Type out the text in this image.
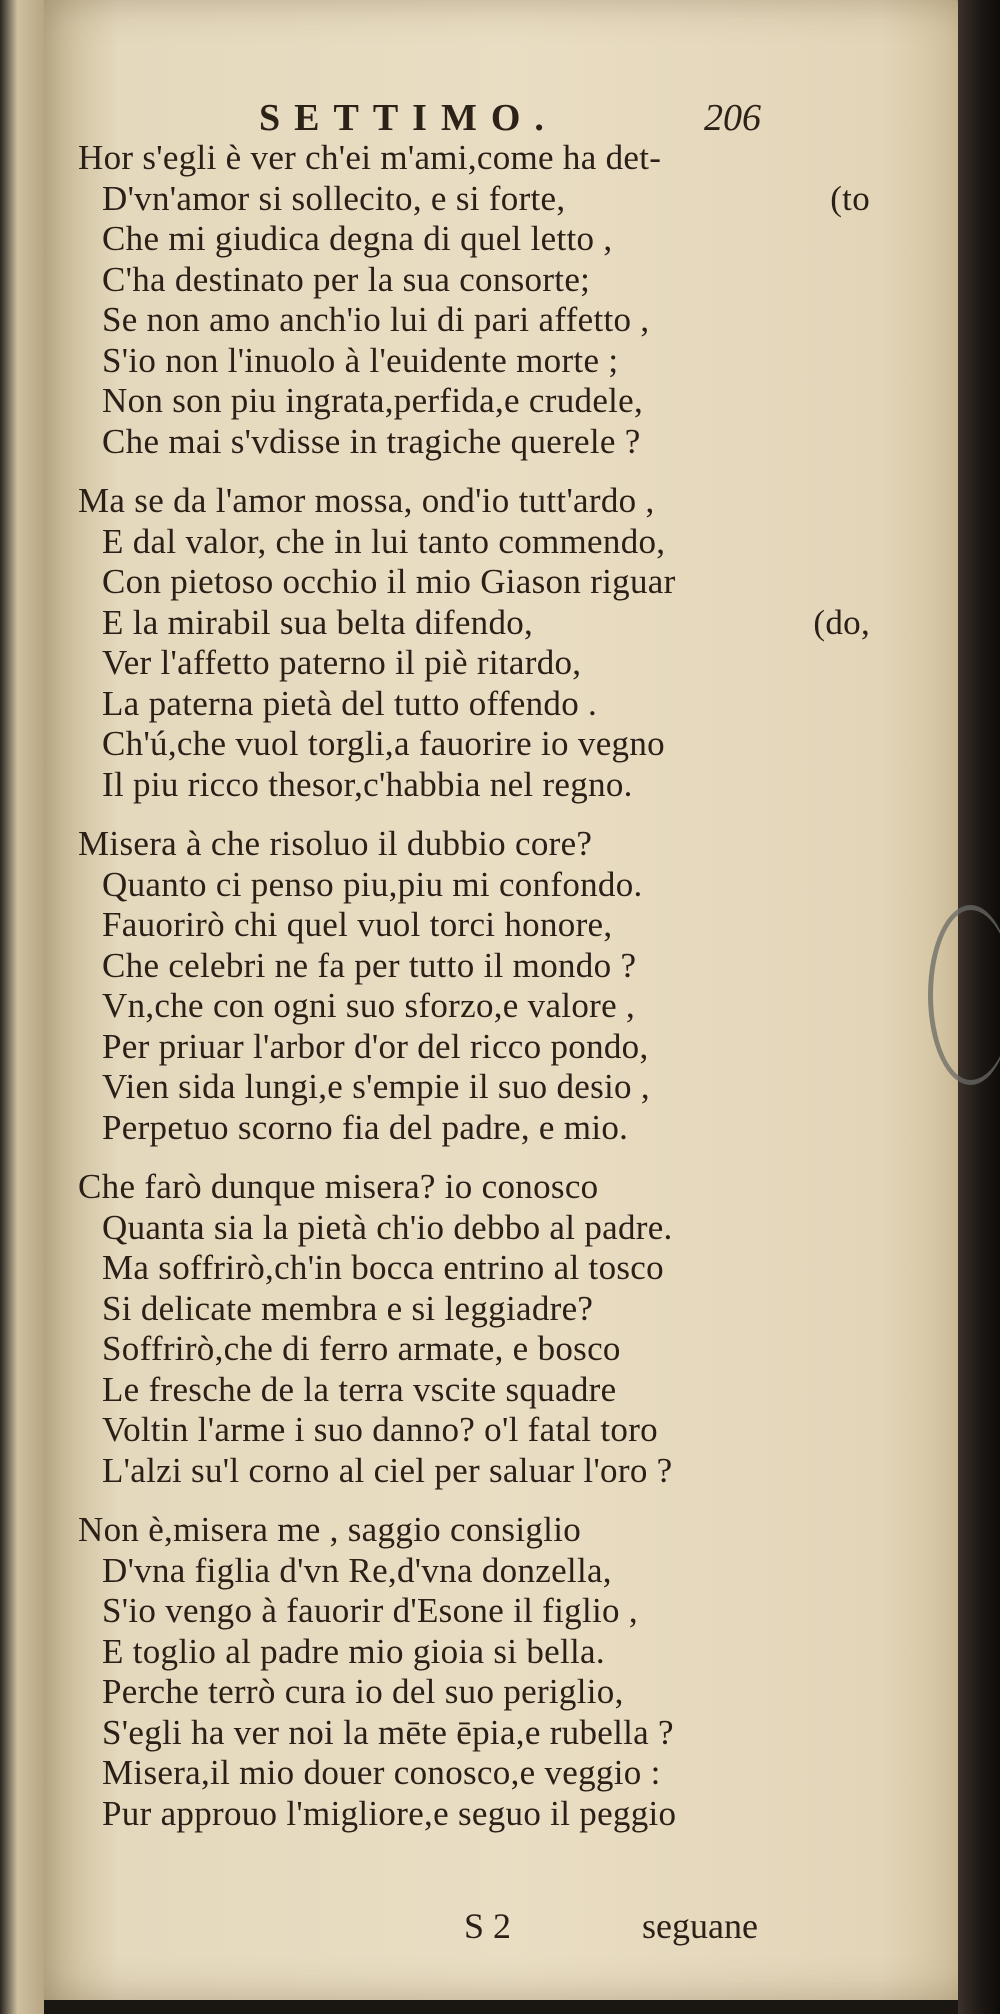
SETTIMO.	206
Hor s'egli è ver ch'ei m'ami,come ha det-
D'vn'amor si sollecito, e si forte,	(to
Che mi giudica degna di quel letto ,
C'ha destinato per la sua consorte;
Se non amo anch'io lui di pari affetto ,
S'io non l'inuolo à l'euidente morte ;
Non son piu ingrata,perfida,e crudele,
Che mai s'vdisse in tragiche querele ?
Ma se da l'amor mossa, ond'io tutt'ardo ,
E dal valor, che in lui tanto commendo,
Con pietoso occhio il mio Giason riguar
E la mirabil sua belta difendo,	(do,
Ver l'affetto paterno il piè ritardo,
La paterna pietà del tutto offendo .
Ch'ú,che vuol torgli,a fauorire io vegno
Il piu ricco thesor,c'habbia nel regno.
Misera à che risoluo il dubbio core?
Quanto ci penso piu,piu mi confondo.
Fauorirò chi quel vuol torci honore,
Che celebri ne fa per tutto il mondo ?
Vn,che con ogni suo sforzo,e valore ,
Per priuar l'arbor d'or del ricco pondo,
Vien sida lungi,e s'empie il suo desio ,
Perpetuo scorno fia del padre, e mio.
Che farò dunque misera? io conosco
Quanta sia la pietà ch'io debbo al padre.
Ma soffrirò,ch'in bocca entrino al tosco
Si delicate membra e si leggiadre?
Soffrirò,che di ferro armate, e bosco
Le fresche de la terra vscite squadre
Voltin l'arme i suo danno? o'l fatal toro
L'alzi su'l corno al ciel per saluar l'oro ?
Non è,misera me , saggio consiglio
D'vna figlia d'vn Re,d'vna donzella,
S'io vengo à fauorir d'Esone il figlio ,
E toglio al padre mio gioia si bella.
Perche terrò cura io del suo periglio,
S'egli ha ver noi la mēte ēpia,e rubella ?
Misera,il mio douer conosco,e veggio :
Pur approuo l'migliore,e seguo il peggio
S 2	seguane
